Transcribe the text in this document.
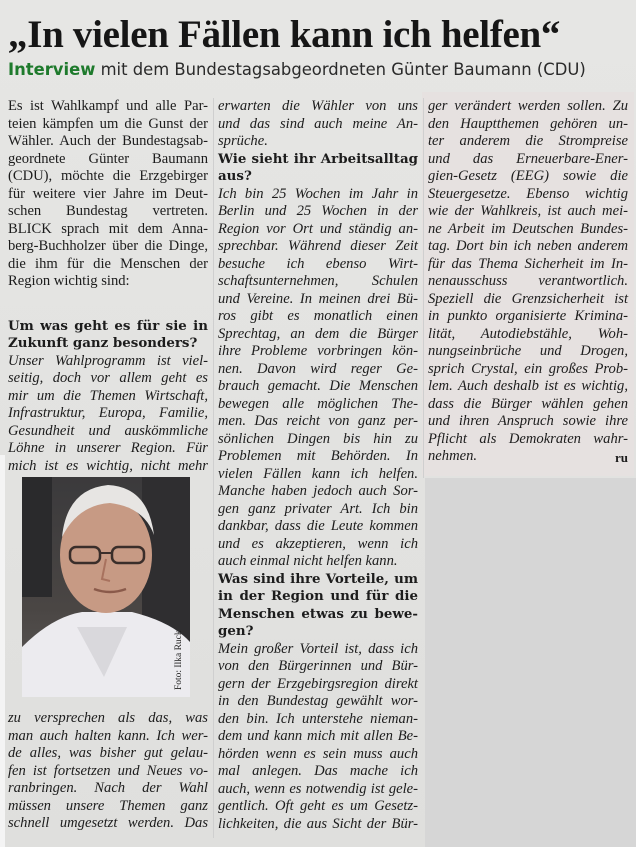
„In vielen Fällen kann ich helfen“
Interview mit dem Bundestagsabgeordneten Günter Baumann (CDU)
Es ist Wahlkampf und alle Par-
teien kämpfen um die Gunst der
Wähler. Auch der Bundestagsab-
geordnete Günter Baumann
(CDU), möchte die Erzgebirger
für weitere vier Jahre im Deut-
schen Bundestag vertreten.
BLICK sprach mit dem Anna-
berg-Buchholzer über die Dinge,
die ihm für die Menschen der
Region wichtig sind:
Um was geht es für sie in
Zukunft ganz besonders?
Unser Wahlprogramm ist viel-
seitig, doch vor allem geht es
mir um die Themen Wirtschaft,
Infrastruktur, Europa, Familie,
Gesundheit und auskömmliche
Löhne in unserer Region. Für
mich ist es wichtig, nicht mehr
zu versprechen als das, was
man auch halten kann. Ich wer-
de alles, was bisher gut gelau-
fen ist fortsetzen und Neues vo-
ranbringen. Nach der Wahl
müssen unsere Themen ganz
schnell umgesetzt werden. Das
erwarten die Wähler von uns
und das sind auch meine An-
sprüche.
Wie sieht ihr Arbeitsalltag
aus?
Ich bin 25 Wochen im Jahr in
Berlin und 25 Wochen in der
Region vor Ort und ständig an-
sprechbar. Während dieser Zeit
besuche ich ebenso Wirt-
schaftsunternehmen, Schulen
und Vereine. In meinen drei Bü-
ros gibt es monatlich einen
Sprechtag, an dem die Bürger
ihre Probleme vorbringen kön-
nen. Davon wird reger Ge-
brauch gemacht. Die Menschen
bewegen alle möglichen The-
men. Das reicht von ganz per-
sönlichen Dingen bis hin zu
Problemen mit Behörden. In
vielen Fällen kann ich helfen.
Manche haben jedoch auch Sor-
gen ganz privater Art. Ich bin
dankbar, dass die Leute kommen
und es akzeptieren, wenn ich
auch einmal nicht helfen kann.
Was sind ihre Vorteile, um
in der Region und für die
Menschen etwas zu bewe-
gen?
Mein großer Vorteil ist, dass ich
von den Bürgerinnen und Bür-
gern der Erzgebirgsregion direkt
in den Bundestag gewählt wor-
den bin. Ich unterstehe nieman-
dem und kann mich mit allen Be-
hörden wenn es sein muss auch
mal anlegen. Das mache ich
auch, wenn es notwendig ist gele-
gentlich. Oft geht es um Gesetz-
lichkeiten, die aus Sicht der Bür-
ger verändert werden sollen. Zu
den Hauptthemen gehören un-
ter anderem die Strompreise
und das Erneuerbare-Ener-
gien-Gesetz (EEG) sowie die
Steuergesetze. Ebenso wichtig
wie der Wahlkreis, ist auch mei-
ne Arbeit im Deutschen Bundes-
tag. Dort bin ich neben anderem
für das Thema Sicherheit im In-
nenausschuss verantwortlich.
Speziell die Grenzsicherheit ist
in punkto organisierte Krimina-
lität, Autodiebstähle, Woh-
nungseinbrüche und Drogen,
sprich Crystal, ein großes Prob-
lem. Auch deshalb ist es wichtig,
dass die Bürger wählen gehen
und ihren Anspruch sowie ihre
Pflicht als Demokraten wahr-
nehmen.	ru
Foto: Ilka Ruck
